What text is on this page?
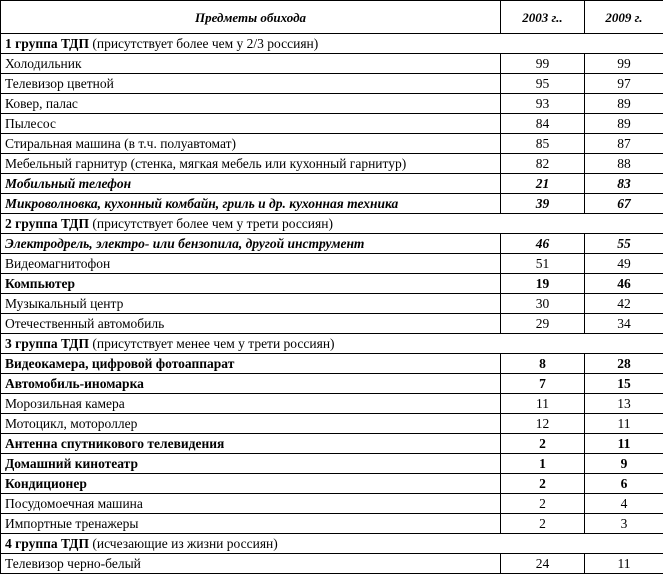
Предметы обихода	2003 г..	2009 г.
1 группа ТДП (присутствует более чем у 2/3 россиян)		
Холодильник	99	99
Телевизор цветной	95	97
Ковер, палас	93	89
Пылесос	84	89
Стиральная машина (в т.ч. полуавтомат)	85	87
Мебельный гарнитур (стенка, мягкая мебель или кухонный гарнитур)	82	88
Мобильный телефон	21	83
Микроволновка, кухонный комбайн, гриль и др. кухонная техника	39	67
2 группа ТДП (присутствует более чем у трети россиян)		
Электродрель, электро- или бензопила, другой инструмент	46	55
Видеомагнитофон	51	49
Компьютер	19	46
Музыкальный центр	30	42
Отечественный автомобиль	29	34
3 группа ТДП (присутствует менее чем у трети россиян)		
Видеокамера, цифровой фотоаппарат	8	28
Автомобиль-иномарка	7	15
Морозильная камера	11	13
Мотоцикл, мотороллер	12	11
Антенна спутникового телевидения	2	11
Домашний кинотеатр	1	9
Кондиционер	2	6
Посудомоечная машина	2	4
Импортные тренажеры	2	3
4 группа ТДП (исчезающие из жизни россиян)		
Телевизор черно-белый	24	11
